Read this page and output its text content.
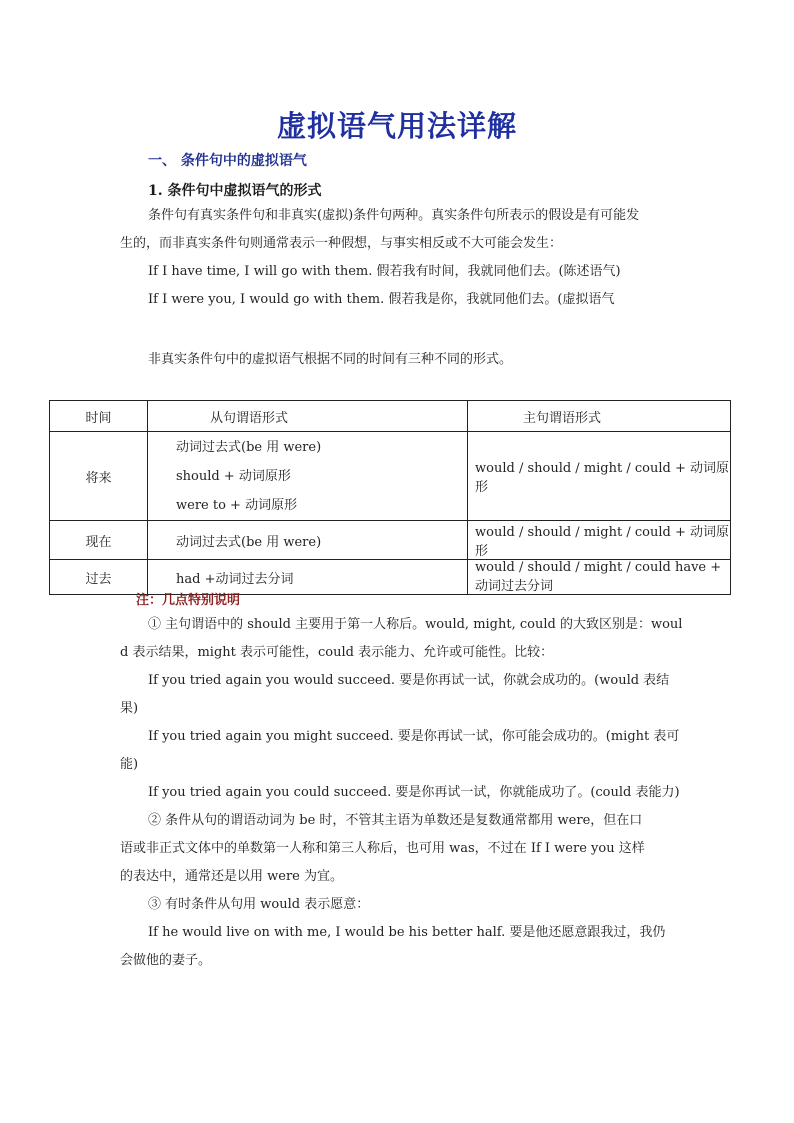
虚拟语气用法详解
一、 条件句中的虚拟语气
1. 条件句中虚拟语气的形式
条件句有真实条件句和非真实(虚拟)条件句两种。真实条件句所表示的假设是有可能发
生的，而非真实条件句则通常表示一种假想，与事实相反或不大可能会发生：
If I have time, I will go with them. 假若我有时间，我就同他们去。(陈述语气)
If I were you, I would go with them. 假若我是你，我就同他们去。(虚拟语气
非真实条件句中的虚拟语气根据不同的时间有三种不同的形式。
时间	从句谓语形式	主句谓语形式
将来	动词过去式(be 用 were)
should + 动词原形
were to + 动词原形	would / should / might / could + 动词原形
现在	动词过去式(be 用 were)	would / should / might / could + 动词原形
过去	had +动词过去分词	would / should / might / could have + 动词过去分词
注：几点特别说明
① 主句谓语中的 should 主要用于第一人称后。would, might, could 的大致区别是：woul
d 表示结果，might 表示可能性，could 表示能力、允许或可能性。比较：
If you tried again you would succeed. 要是你再试一试，你就会成功的。(would 表结
果)
If you tried again you might succeed. 要是你再试一试，你可能会成功的。(might 表可
能)
If you tried again you could succeed. 要是你再试一试，你就能成功了。(could 表能力)
② 条件从句的谓语动词为 be 时，不管其主语为单数还是复数通常都用 were，但在口
语或非正式文体中的单数第一人称和第三人称后，也可用 was，不过在 If I were you 这样
的表达中，通常还是以用 were 为宜。
③ 有时条件从句用 would 表示愿意：
If he would live on with me, I would be his better half. 要是他还愿意跟我过，我仍
会做他的妻子。
